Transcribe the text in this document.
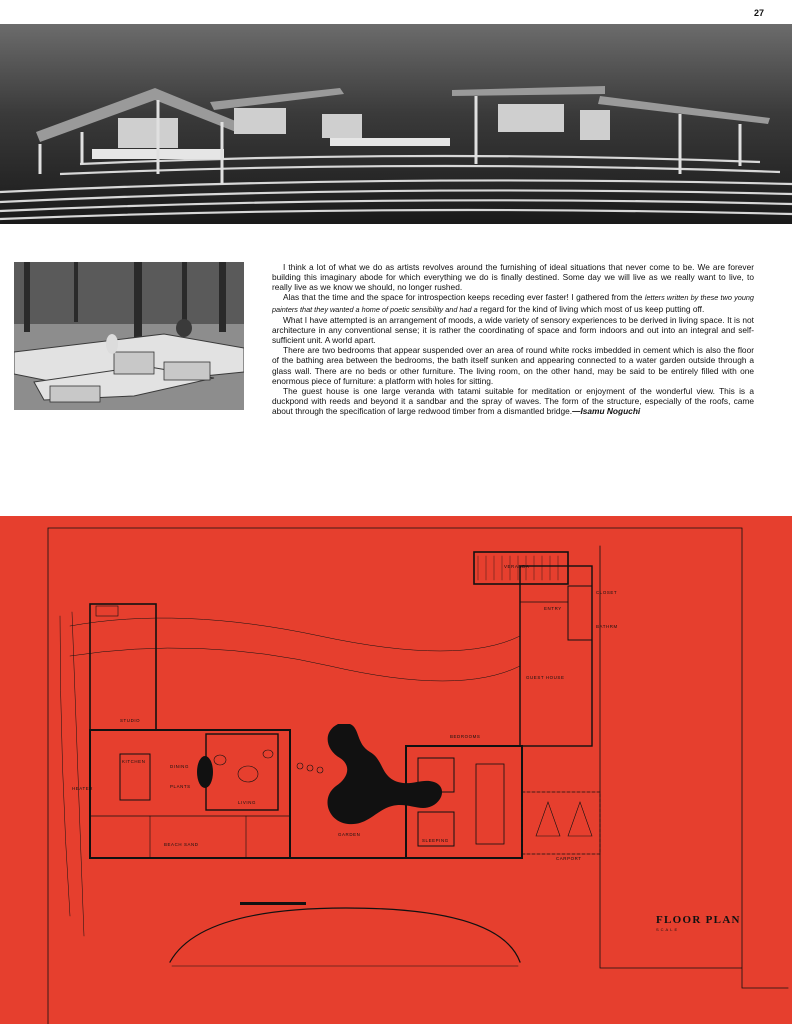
27

I think a lot of what we do as artists revolves around the furnishing of ideal situations that never come to be. We are forever building this imaginary abode for which everything we do is finally destined. Some day we will live as we really want to live, to really live as we know we should, no longer rushed.

Alas that the time and the space for introspection keeps receding ever faster! I gathered from the letters written by these two young painters that they wanted a home of poetic sensibility and had a regard for the kind of living which most of us keep putting off.

What I have attempted is an arrangement of moods, a wide variety of sensory experiences to be derived in living space. It is not architecture in any conventional sense; it is rather the coordinating of space and form indoors and out into an integral and self-sufficient unit. A world apart.

There are two bedrooms that appear suspended over an area of round white rocks imbedded in cement which is also the floor of the bathing area between the bedrooms, the bath itself sunken and appearing connected to a water garden outside through a glass wall. There are no beds or other furniture. The living room, on the other hand, may be said to be entirely filled with one enormous piece of furniture: a platform with holes for sitting.

The guest house is one large veranda with tatami suitable for meditation or enjoyment of the wonderful view. This is a duckpond with reeds and beyond it a sandbar and the spray of waves. The form of the structure, especially of the roofs, came about through the specification of large redwood timber from a dismantled bridge.—Isamu Noguchi

VERANDA
ENTRY
CLOSET
BATHRM
GUEST HOUSE
STUDIO
BEDROOMS
KITCHEN
DINING
PLANTS
LIVING
HEATER
GARDEN
BEACH SAND
SLEEPING
CARPORT
FLOOR PLAN
SCALE
